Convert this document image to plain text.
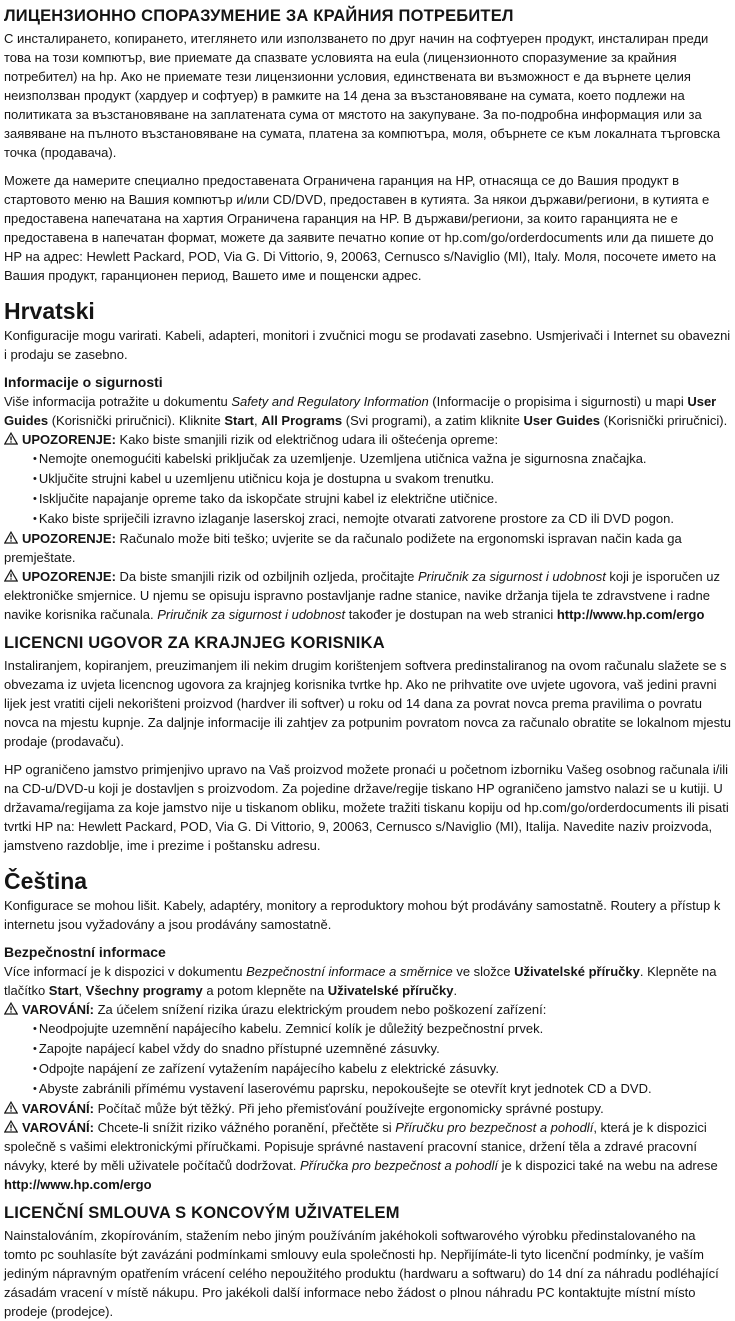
ЛИЦЕНЗИОННО СПОРАЗУМЕНИЕ ЗА КРАЙНИЯ ПОТРЕБИТЕЛ
С инсталирането, копирането, итеглянето или използването по друг начин на софтуерен продукт, инсталиран преди това на този компютър, вие приемате да спазвате условията на eula (лицензионното споразумение за крайния потребител) на hp. Ако не приемате тези лицензионни условия, единствената ви възможност е да върнете целия неизползван продукт (хардуер и софтуер) в рамките на 14 дена за възстановяване на сумата, което подлежи на политиката за възстановяване на заплатената сума от мястото на закупуване. За по-подробна информация или за заявяване на пълното възстановяване на сумата, платена за компютъра, моля, обърнете се към локалната търговска точка (продавача).
Можете да намерите специално предоставената Ограничена гаранция на HP, отнасяща се до Вашия продукт в стартовото меню на Вашия компютър и/или CD/DVD, предоставен в кутията. За някои държави/региони, в кутията е предоставена напечатана на хартия Ограничена гаранция на HP. В държави/региони, за които гаранцията не е предоставена в напечатан формат, можете да заявите печатно копие от hp.com/go/orderdocuments или да пишете до HP на адрес: Hewlett Packard, POD, Via G. Di Vittorio, 9, 20063, Cernusco s/Naviglio (MI), Italy. Моля, посочете името на Вашия продукт, гаранционен период, Вашето име и пощенски адрес.
Hrvatski
Konfiguracije mogu varirati. Kabeli, adapteri, monitori i zvučnici mogu se prodavati zasebno. Usmjerivači i Internet su obavezni i prodaju se zasebno.
Informacije o sigurnosti
Više informacija potražite u dokumentu Safety and Regulatory Information (Informacije o propisima i sigurnosti) u mapi User Guides (Korisnički priručnici). Kliknite Start, All Programs (Svi programi), a zatim kliknite User Guides (Korisnički priručnici).
UPOZORENJE: Kako biste smanjili rizik od električnog udara ili oštećenja opreme:
• Nemojte onemogućiti kabelski priključak za uzemljenje. Uzemljena utičnica važna je sigurnosna značajka.
• Uključite strujni kabel u uzemljenu utičnicu koja je dostupna u svakom trenutku.
• Isključite napajanje opreme tako da iskopčate strujni kabel iz električne utičnice.
• Kako biste spriječili izravno izlaganje laserskoj zraci, nemojte otvarati zatvorene prostore za CD ili DVD pogon.
UPOZORENJE: Računalo može biti teško; uvjerite se da računalo podižete na ergonomski ispravan način kada ga premještate.
UPOZORENJE: Da biste smanjili rizik od ozbiljnih ozljeda, pročitajte Priručnik za sigurnost i udobnost koji je isporučen uz elektroničke smjernice. U njemu se opisuju ispravno postavljanje radne stanice, navike držanja tijela te zdravstvene i radne navike korisnika računala. Priručnik za sigurnost i udobnost također je dostupan na web stranici http://www.hp.com/ergo
LICENCNI UGOVOR ZA KRAJNJEG KORISNIKA
Instaliranjem, kopiranjem, preuzimanjem ili nekim drugim korištenjem softvera predinstaliranog na ovom računalu slažete se s obvezama iz uvjeta licencnog ugovora za krajnjeg korisnika tvrtke hp. Ako ne prihvatite ove uvjete ugovora, vaš jedini pravni lijek jest vratiti cijeli nekorišteni proizvod (hardver ili softver) u roku od 14 dana za povrat novca prema pravilima o povratu novca na mjestu kupnje. Za daljnje informacije ili zahtjev za potpunim povratom novca za računalo obratite se lokalnom mjestu prodaje (prodavaču).
HP ograničeno jamstvo primjenjivo upravo na Vaš proizvod možete pronaći u početnom izborniku Vašeg osobnog računala i/ili na CD-u/DVD-u koji je dostavljen s proizvodom. Za pojedine države/regije tiskano HP ograničeno jamstvo nalazi se u kutiji. U državama/regijama za koje jamstvo nije u tiskanom obliku, možete tražiti tiskanu kopiju od hp.com/go/orderdocuments ili pisati tvrtki HP na: Hewlett Packard, POD, Via G. Di Vittorio, 9, 20063, Cernusco s/Naviglio (MI), Italija. Navedite naziv proizvoda, jamstveno razdoblje, ime i prezime i poštansku adresu.
Čeština
Konfigurace se mohou lišit. Kabely, adaptéry, monitory a reproduktory mohou být prodávány samostatně. Routery a přístup k internetu jsou vyžadovány a jsou prodávány samostatně.
Bezpečnostní informace
Více informací je k dispozici v dokumentu Bezpečnostní informace a směrnice ve složce Uživatelské příručky. Klepněte na tlačítko Start, Všechny programy a potom klepněte na Uživatelské příručky.
VAROVÁNÍ: Za účelem snížení rizika úrazu elektrickým proudem nebo poškození zařízení:
• Neodpojujte uzemnění napájecího kabelu. Zemnicí kolík je důležitý bezpečnostní prvek.
• Zapojte napájecí kabel vždy do snadno přístupné uzemněné zásuvky.
• Odpojte napájení ze zařízení vytažením napájecího kabelu z elektrické zásuvky.
• Abyste zabránili přímému vystavení laserovému paprsku, nepokoušejte se otevřít kryt jednotek CD a DVD.
VAROVÁNÍ: Počítač může být těžký. Při jeho přemisťování používejte ergonomicky správné postupy.
VAROVÁNÍ: Chcete-li snížit riziko vážného poranění, přečtěte si Příručku pro bezpečnost a pohodlí, která je k dispozici společně s vašimi elektronickými příručkami. Popisuje správné nastavení pracovní stanice, držení těla a zdravé pracovní návyky, které by měli uživatele počítačů dodržovat. Příručka pro bezpečnost a pohodlí je k dispozici také na webu na adrese http://www.hp.com/ergo
LICENČNÍ SMLOUVA S KONCOVÝM UŽIVATELEM
Nainstalováním, zkopírováním, stažením nebo jiným používáním jakéhokoli softwarového výrobku předinstalovaného na tomto pc souhlasíte být zavázáni podmínkami smlouvy eula společnosti hp. Nepřijímáte-li tyto licenční podmínky, je vaším jediným nápravným opatřením vrácení celého nepoužitého produktu (hardwaru a softwaru) do 14 dní za náhradu podléhající zásadám vracení v místě nákupu. Pro jakékoli další informace nebo žádost o plnou náhradu PC kontaktujte místní místo prodeje (prodejce).
